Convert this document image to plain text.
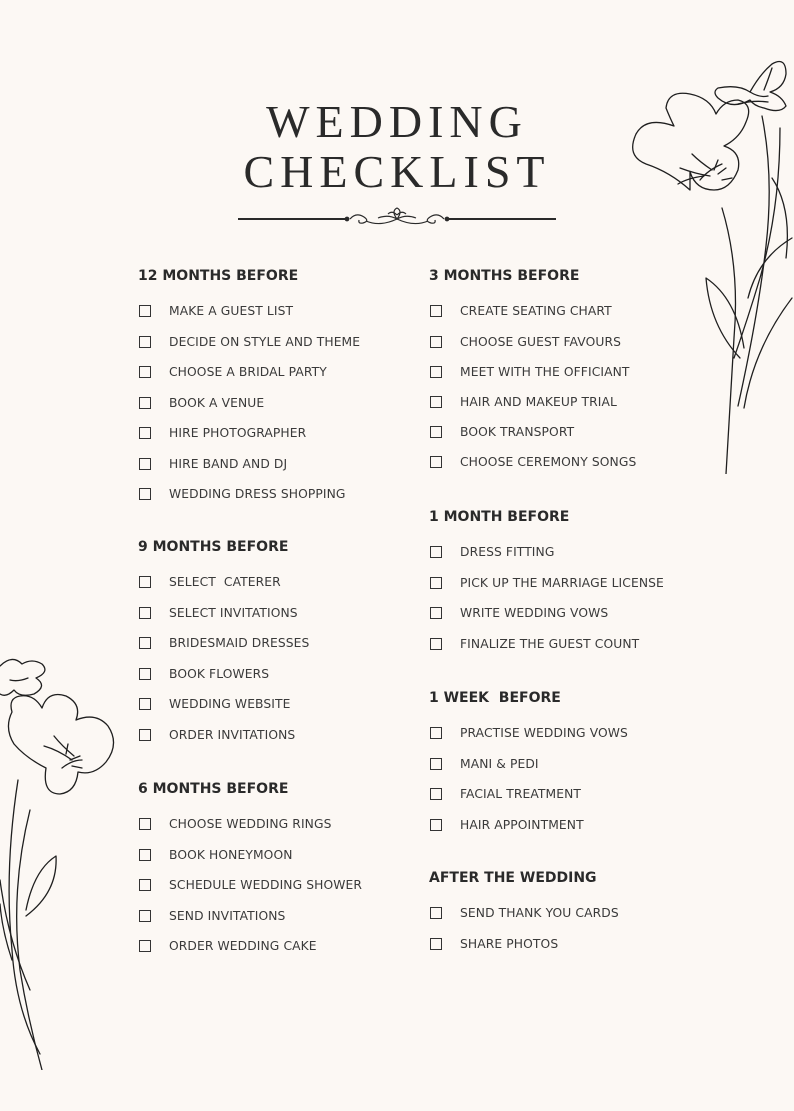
WEDDING
CHECKLIST
12 MONTHS BEFORE
MAKE A GUEST LIST
DECIDE ON STYLE AND THEME
CHOOSE A BRIDAL PARTY
BOOK A VENUE
HIRE PHOTOGRAPHER
HIRE BAND AND DJ
WEDDING DRESS SHOPPING
9 MONTHS BEFORE
SELECT  CATERER
SELECT INVITATIONS
BRIDESMAID DRESSES
BOOK FLOWERS
WEDDING WEBSITE
ORDER INVITATIONS
6 MONTHS BEFORE
CHOOSE WEDDING RINGS
BOOK HONEYMOON
SCHEDULE WEDDING SHOWER
SEND INVITATIONS
ORDER WEDDING CAKE
3 MONTHS BEFORE
CREATE SEATING CHART
CHOOSE GUEST FAVOURS
MEET WITH THE OFFICIANT
HAIR AND MAKEUP TRIAL
BOOK TRANSPORT
CHOOSE CEREMONY SONGS
1 MONTH BEFORE
DRESS FITTING
PICK UP THE MARRIAGE LICENSE
WRITE WEDDING VOWS
FINALIZE THE GUEST COUNT
1 WEEK  BEFORE
PRACTISE WEDDING VOWS
MANI & PEDI
FACIAL TREATMENT
HAIR APPOINTMENT
AFTER THE WEDDING
SEND THANK YOU CARDS
SHARE PHOTOS
